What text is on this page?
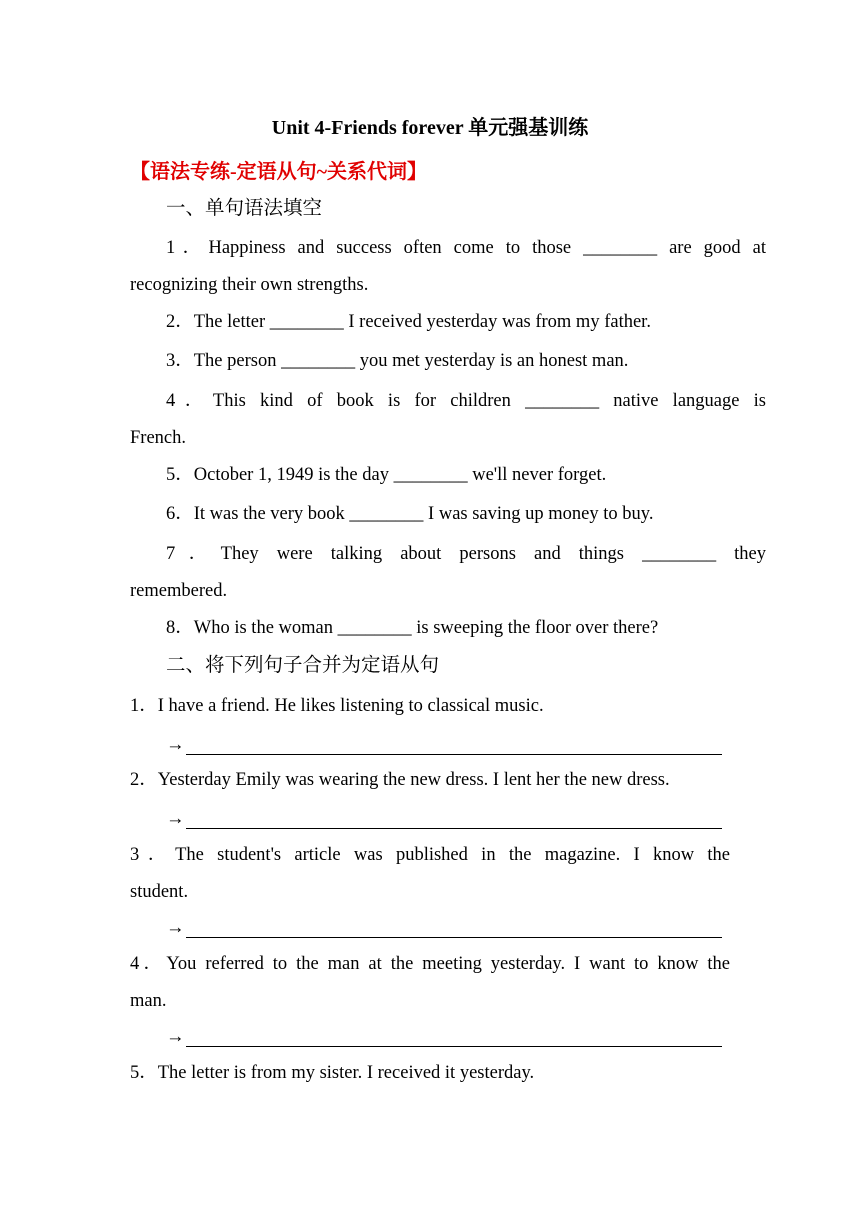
Unit 4-Friends forever 单元强基训练
【语法专练-定语从句~关系代词】
一、单句语法填空
1．Happiness and success often come to those ________ are good at
recognizing their own strengths.
2．The letter ________ I received yesterday was from my father.
3．The person ________ you met yesterday is an honest man.
4．This kind of book is for children ________ native language is
French.
5．October 1, 1949 is the day ________ we'll never forget.
6．It was the very book ________ I was saving up money to buy.
7．They were talking about persons and things ________ they
remembered.
8．Who is the woman ________ is sweeping the floor over there?
二、将下列句子合并为定语从句
1．I have a friend. He likes listening to classical music.
→
2．Yesterday Emily was wearing the new dress. I lent her the new dress.
→
3．The student's article was published in the magazine. I know the
student.
→
4．You referred to the man at the meeting yesterday. I want to know the
man.
→
5．The letter is from my sister. I received it yesterday.
